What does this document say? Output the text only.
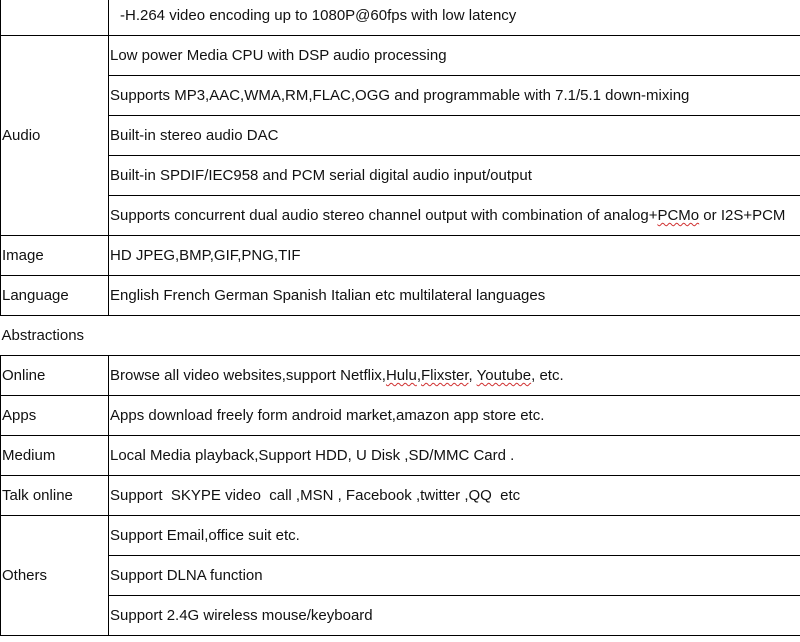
	-H.264 video encoding up to 1080P@60fps with low latency
Audio	Low power Media CPU with DSP audio processing
	Supports MP3,AAC,WMA,RM,FLAC,OGG and programmable with 7.1/5.1 down-mixing
	Built-in stereo audio DAC
	Built-in SPDIF/IEC958 and PCM serial digital audio input/output
	Supports concurrent dual audio stereo channel output with combination of analog+PCMo or I2S+PCM
Image	HD JPEG,BMP,GIF,PNG,TIF
Language	English French German Spanish Italian etc multilateral languages
Abstractions	
Online	Browse all video websites,support Netflix,Hulu,Flixster, Youtube, etc.
Apps	Apps download freely form android market,amazon app store etc.
Medium	Local Media playback,Support HDD, U Disk ,SD/MMC Card .
Talk online	Support  SKYPE video  call ,MSN , Facebook ,twitter ,QQ  etc
Others	Support Email,office suit etc.
	Support DLNA function
	Support 2.4G wireless mouse/keyboard
